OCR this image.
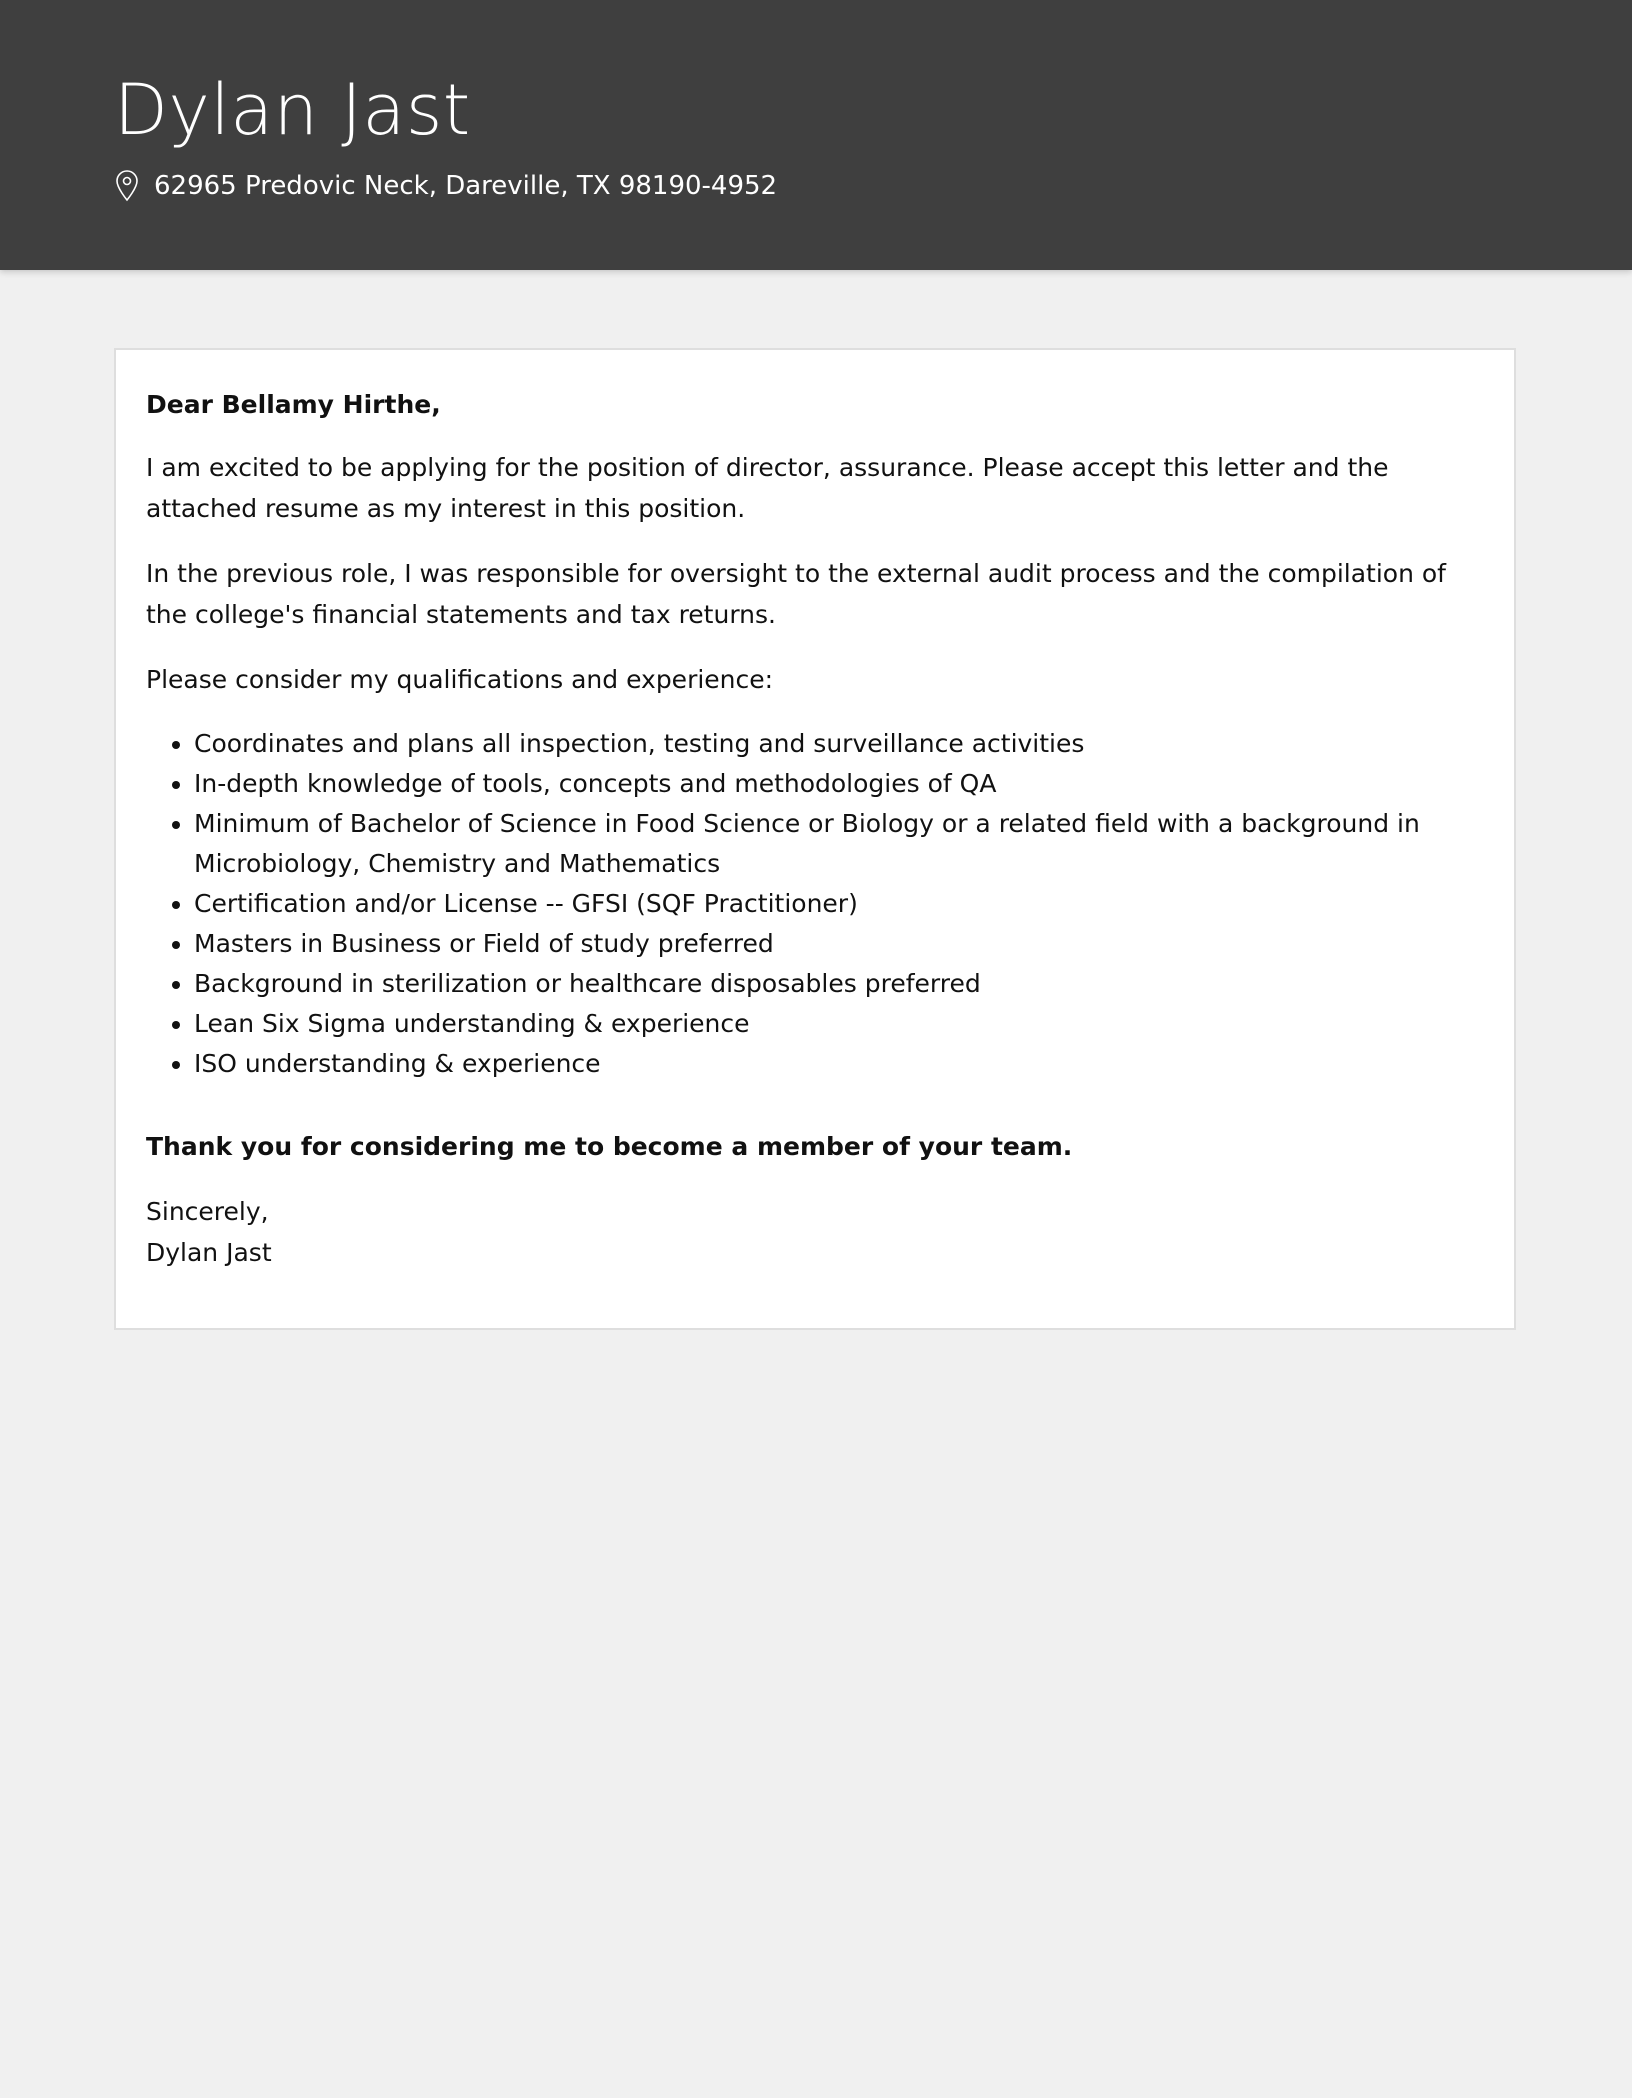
Dylan Jast
62965 Predovic Neck, Dareville, TX 98190-4952

Dear Bellamy Hirthe,

I am excited to be applying for the position of director, assurance. Please accept this letter and the attached resume as my interest in this position.

In the previous role, I was responsible for oversight to the external audit process and the compilation of the college's financial statements and tax returns.

Please consider my qualifications and experience:

• Coordinates and plans all inspection, testing and surveillance activities
• In-depth knowledge of tools, concepts and methodologies of QA
• Minimum of Bachelor of Science in Food Science or Biology or a related field with a background in Microbiology, Chemistry and Mathematics
• Certification and/or License -- GFSI (SQF Practitioner)
• Masters in Business or Field of study preferred
• Background in sterilization or healthcare disposables preferred
• Lean Six Sigma understanding & experience
• ISO understanding & experience

Thank you for considering me to become a member of your team.

Sincerely,

Dylan Jast
